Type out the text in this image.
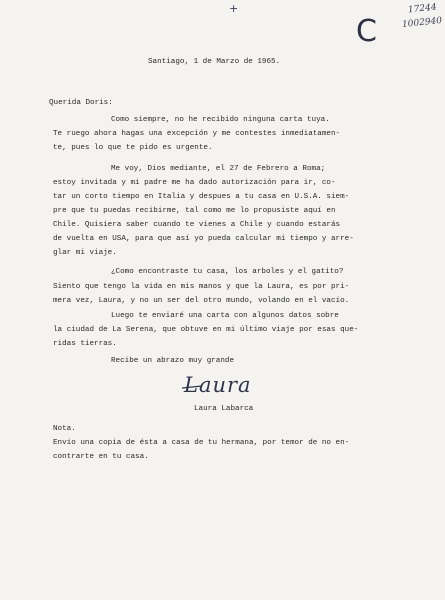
+	17244
1002940
C
Santiago, 1 de Marzo de 1965.
Querida Doris:
Como siempre, no he recibido ninguna carta tuya.
Te ruego ahora hagas una excepción y me contestes inmediatamen-
te, pues lo que te pido es urgente.
Me voy, Dios mediante, el 27 de Febrero a Roma;
estoy invitada y mi padre me ha dado autorización para ir, co-
tar un corto tiempo en Italia y despues a tu casa en U.S.A. siem-
pre que tu puedas recibirme, tal como me lo propusiste aquí en
Chile. Quisiera saber cuando te vienes a Chile y cuando estarás
de vuelta en USA, para que así yo pueda calcular mi tiempo y arre-
glar mi viaje.
¿Como encontraste tu casa, los arboles y el gatito?
Siento que tengo la vida en mis manos y que la Laura, es por pri-
mera vez, Laura, y no un ser del otro mundo, volando en el vacío.
Luego te enviaré una carta con algunos datos sobre
la ciudad de La Serena, que obtuve en mi último viaje por esas que-
ridas tierras.
Recibe un abrazo muy grande
Laura
Laura Labarca
Nota.
Envío una copia de ésta a casa de tu hermana, por temor de no en-
contrarte en tu casa.
